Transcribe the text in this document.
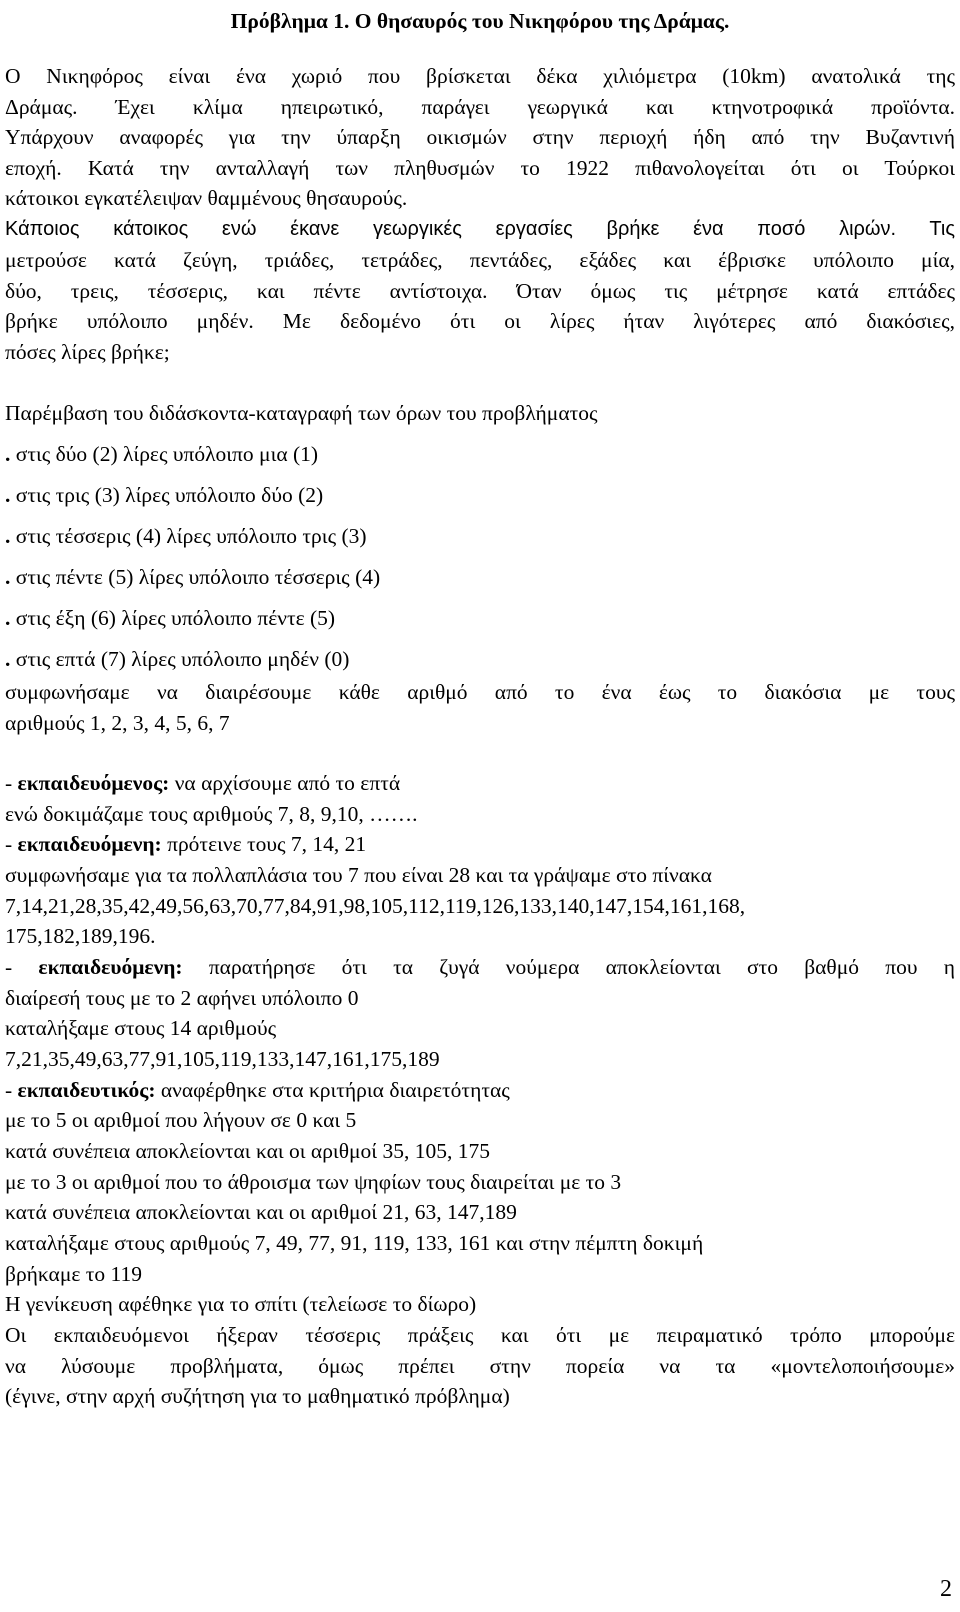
Πρόβλημα 1. Ο θησαυρός του Νικηφόρου της Δράμας.
Ο Νικηφόρος είναι ένα χωριό που βρίσκεται δέκα χιλιόμετρα (10km) ανατολικά της
Δράμας. Έχει κλίμα ηπειρωτικό, παράγει γεωργικά και κτηνοτροφικά προϊόντα.
Υπάρχουν αναφορές για την ύπαρξη οικισμών στην περιοχή ήδη από την Βυζαντινή
εποχή. Κατά την ανταλλαγή των πληθυσμών το 1922 πιθανολογείται ότι οι Τούρκοι
κάτοικοι εγκατέλειψαν θαμμένους θησαυρούς.
Κάποιος κάτοικος ενώ έκανε γεωργικές εργασίες βρήκε ένα ποσό λιρών. Τις
μετρούσε κατά ζεύγη, τριάδες, τετράδες, πεντάδες, εξάδες και έβρισκε υπόλοιπο μία,
δύο, τρεις, τέσσερις, και πέντε αντίστοιχα. Όταν όμως τις μέτρησε κατά επτάδες
βρήκε υπόλοιπο μηδέν. Με δεδομένο ότι οι λίρες ήταν λιγότερες από διακόσιες,
πόσες λίρες βρήκε;
Παρέμβαση του διδάσκοντα-καταγραφή των όρων του προβλήματος
. στις δύο (2) λίρες υπόλοιπο μια (1)
. στις τρις (3) λίρες υπόλοιπο δύο (2)
. στις τέσσερις (4) λίρες υπόλοιπο τρις (3)
. στις πέντε (5) λίρες υπόλοιπο τέσσερις (4)
. στις έξη (6) λίρες υπόλοιπο πέντε (5)
. στις επτά (7) λίρες υπόλοιπο μηδέν (0)
συμφωνήσαμε να διαιρέσουμε κάθε αριθμό από το ένα έως το διακόσια με τους
αριθμούς 1, 2, 3, 4, 5, 6, 7
- εκπαιδευόμενος: να αρχίσουμε από το επτά
ενώ δοκιμάζαμε τους αριθμούς 7, 8, 9,10, …….
- εκπαιδευόμενη: πρότεινε τους 7, 14, 21
συμφωνήσαμε για τα πολλαπλάσια του 7 που είναι 28 και τα γράψαμε στο πίνακα
7,14,21,28,35,42,49,56,63,70,77,84,91,98,105,112,119,126,133,140,147,154,161,168,
175,182,189,196.
- εκπαιδευόμενη: παρατήρησε ότι τα ζυγά νούμερα αποκλείονται στο βαθμό που η
διαίρεσή τους με το 2 αφήνει υπόλοιπο 0
καταλήξαμε στους 14 αριθμούς
7,21,35,49,63,77,91,105,119,133,147,161,175,189
- εκπαιδευτικός: αναφέρθηκε στα κριτήρια διαιρετότητας
με το 5 οι αριθμοί που λήγουν σε 0 και 5
κατά συνέπεια αποκλείονται και οι αριθμοί 35, 105, 175
με το 3 οι αριθμοί που το άθροισμα των ψηφίων τους διαιρείται με το 3
κατά συνέπεια αποκλείονται και οι αριθμοί 21, 63, 147,189
καταλήξαμε στους αριθμούς 7, 49, 77, 91, 119, 133, 161 και στην πέμπτη δοκιμή
βρήκαμε το 119
Η γενίκευση αφέθηκε για το σπίτι (τελείωσε το δίωρο)
Οι εκπαιδευόμενοι ήξεραν τέσσερις πράξεις και ότι με πειραματικό τρόπο μπορούμε
να λύσουμε προβλήματα, όμως πρέπει στην πορεία να τα «μοντελοποιήσουμε»
(έγινε, στην αρχή συζήτηση για το μαθηματικό πρόβλημα)
2
